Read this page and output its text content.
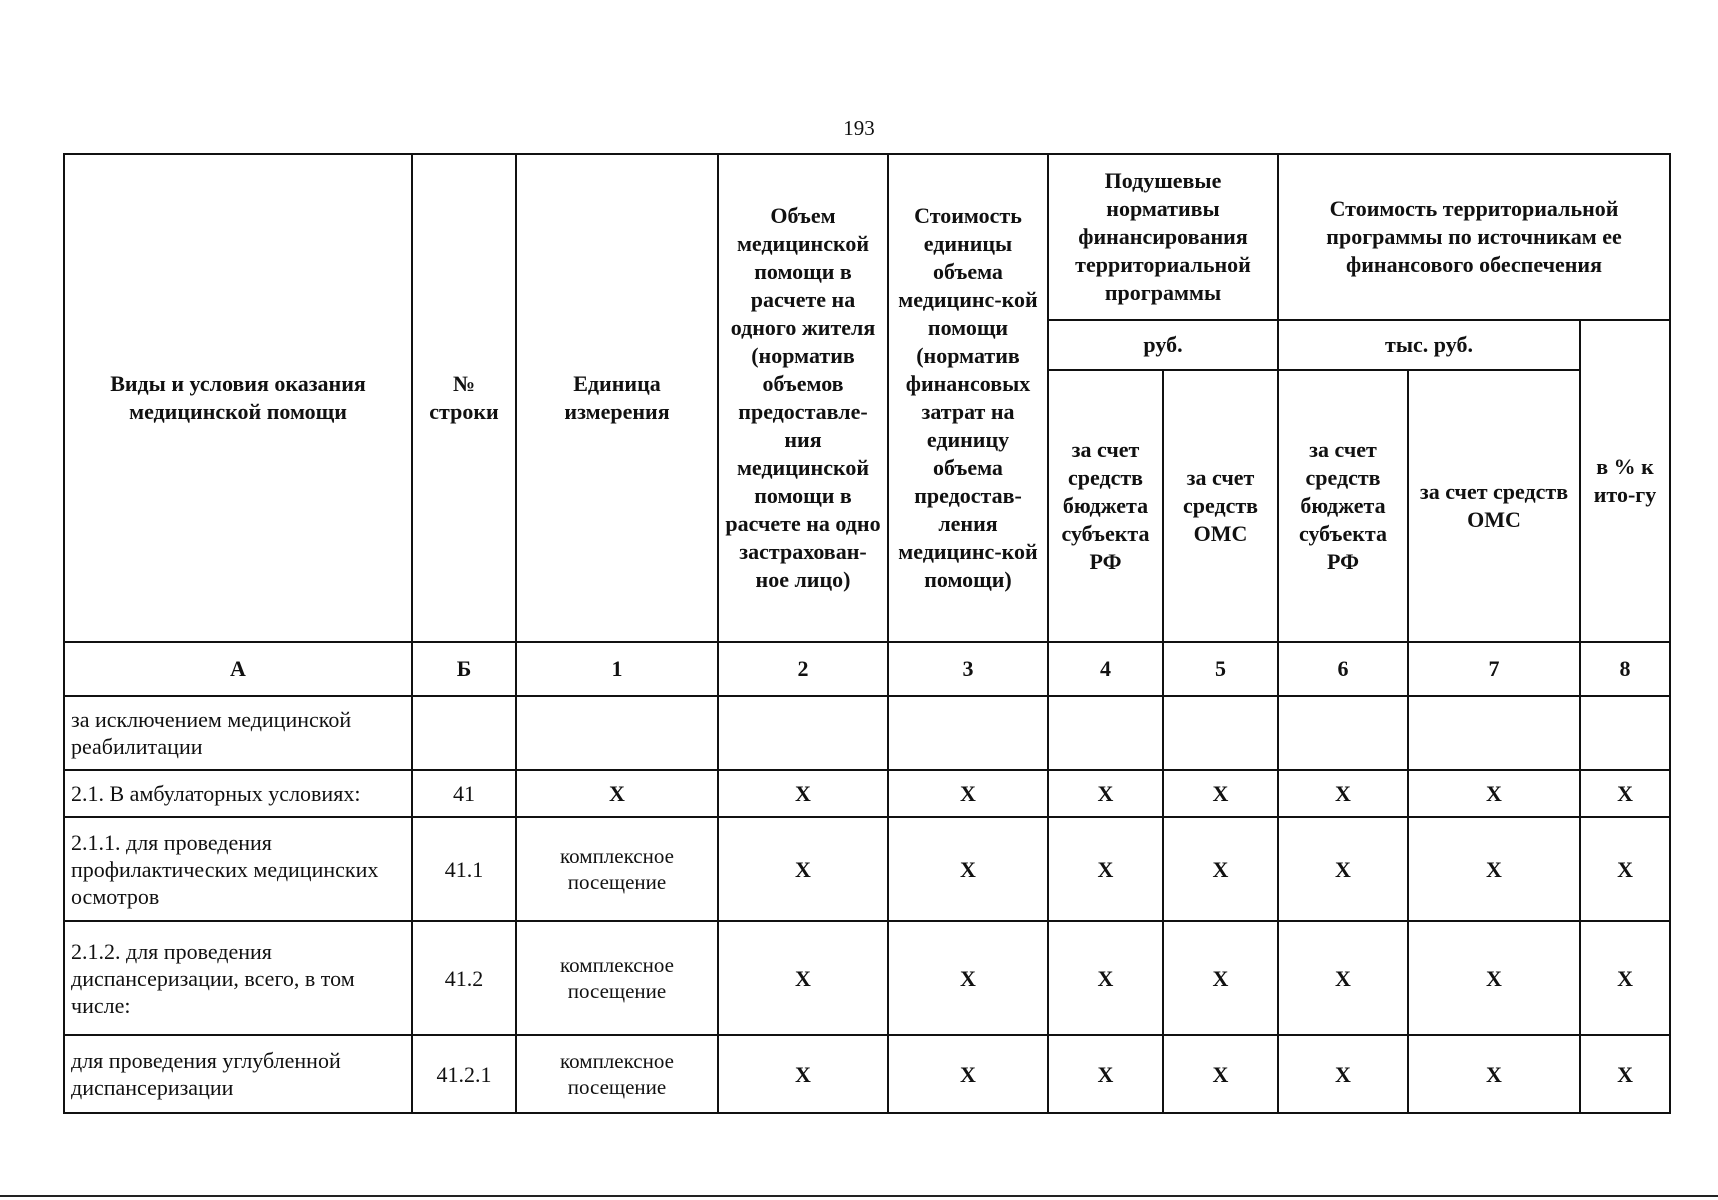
193
Виды и условия оказания медицинской помощи	№ строки	Единица измерения	Объем медицинской помощи в расчете на одного жителя (норматив объемов предоставле-ния медицинской помощи в расчете на одно застрахован-ное лицо)	Стоимость единицы объема медицинс-кой помощи (норматив финансовых затрат на единицу объема предостав-ления медицинс-кой помощи)	Подушевые нормативы финансирования территориальной программы		Стоимость территориальной программы по источникам ее финансового обеспечения		
					руб.		тыс. руб.		в % к ито-гу
					за счет средств бюджета субъекта РФ	за счет средств ОМС	за счет средств бюджета субъекта РФ	за счет средств ОМС	
А	Б	1	2	3	4	5	6	7	8
за исключением медицинской реабилитации									
2.1. В амбулаторных условиях:	41	X	X	X	X	X	X	X	X
2.1.1. для проведения профилактических медицинских осмотров	41.1	комплексное посещение	X	X	X	X	X	X	X
2.1.2. для проведения диспансеризации, всего, в том числе:	41.2	комплексное посещение	X	X	X	X	X	X	X
для проведения углубленной диспансеризации	41.2.1	комплексное посещение	X	X	X	X	X	X	X
